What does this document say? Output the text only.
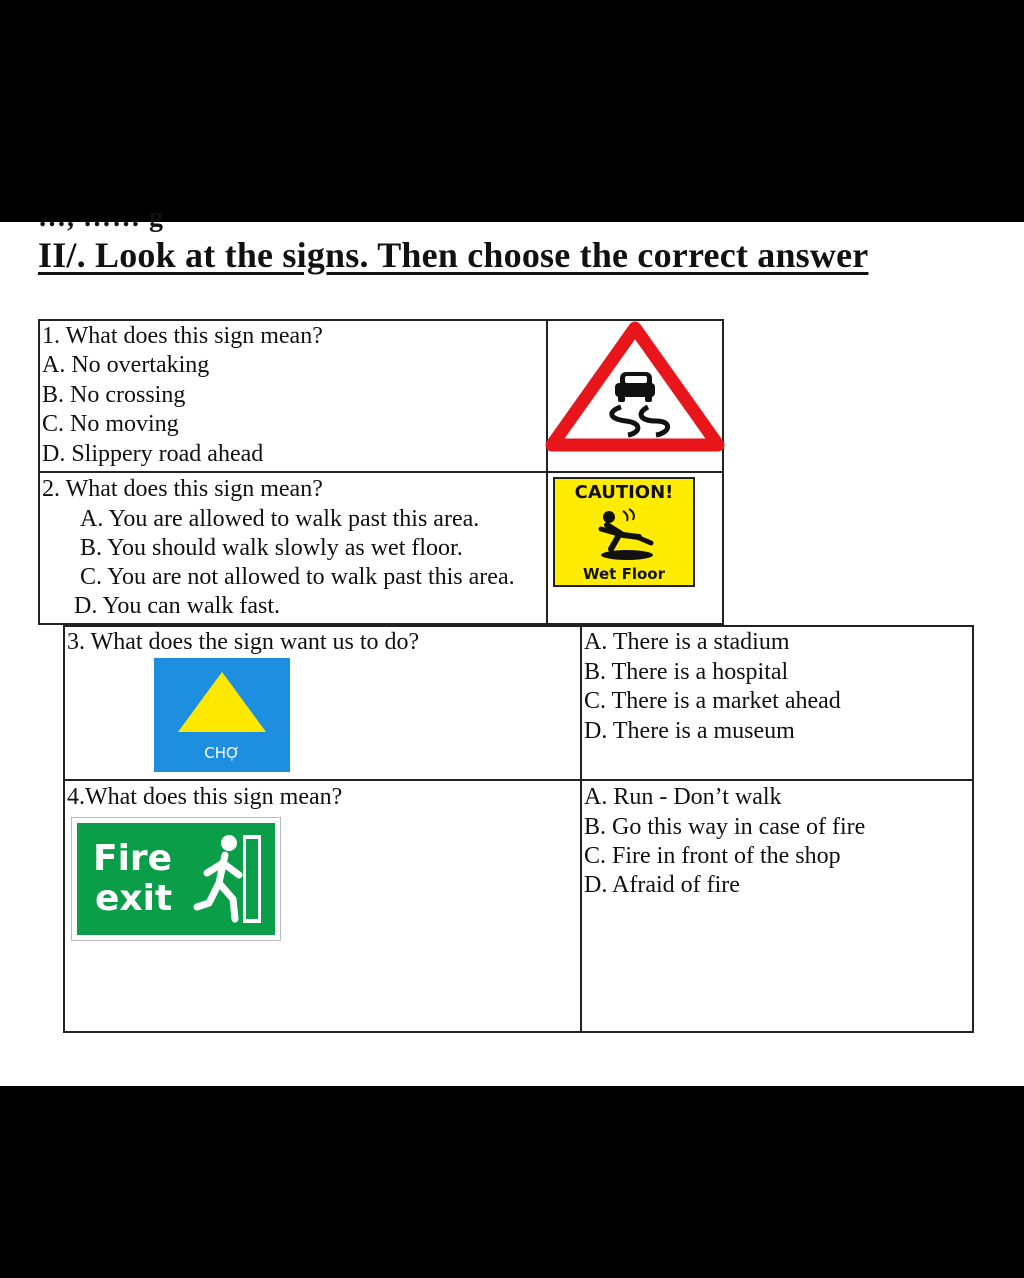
…, …… g
II/. Look at the signs. Then choose the correct answer
1. What does this sign mean?
A. No overtaking
B. No crossing
C. No moving
D. Slippery road ahead
2. What does this sign mean?
A. You are allowed to walk past this area.
B. You should walk slowly as wet floor.
C. You are not allowed to walk past this area.
D. You can walk fast.
CAUTION!
Wet Floor
3. What does the sign want us to do?
CHỢ
A. There is a stadium
B. There is a hospital
C. There is a market ahead
D. There is a museum
4.What does this sign mean?
Fire
exit
A. Run - Don’t walk
B. Go this way in case of fire
C. Fire in front of the shop
D. Afraid of fire
